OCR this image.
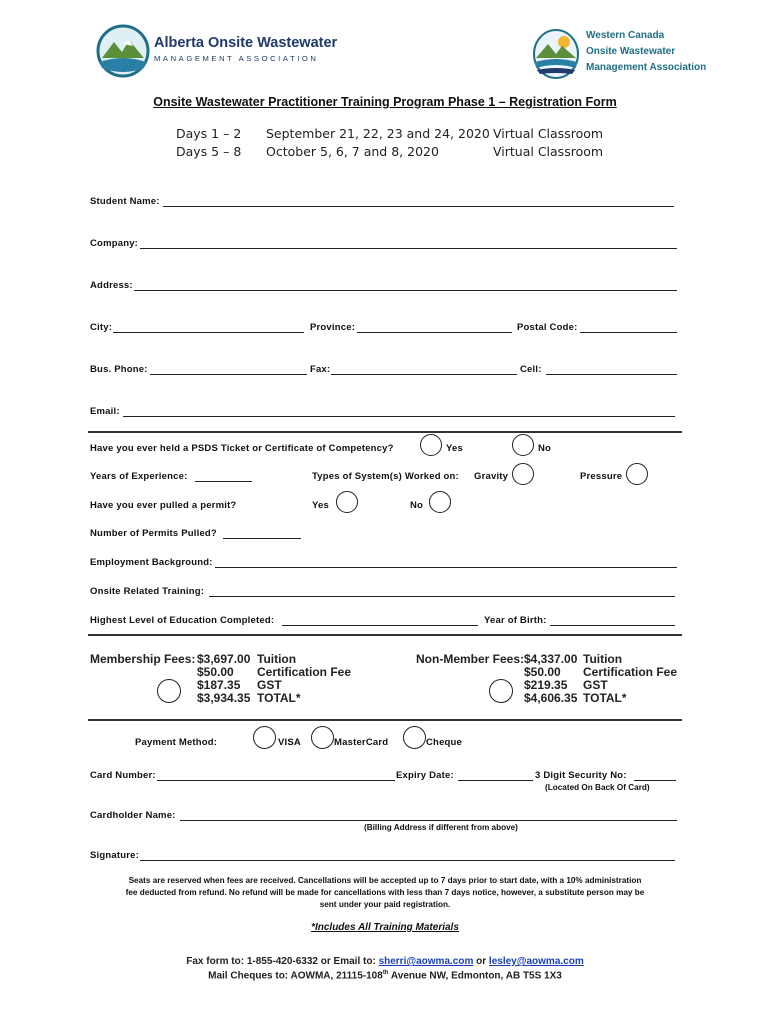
Alberta Onsite Wastewater
MANAGEMENT ASSOCIATION
Western Canada
Onsite Wastewater
Management Association
Onsite Wastewater Practitioner Training Program Phase 1 – Registration Form
Days 1 – 2 September 21, 22, 23 and 24, 2020 Virtual Classroom
Days 5 – 8 October 5, 6, 7 and 8, 2020	Virtual Classroom
Student Name:
Company:
Address:
City:	Province:	Postal Code:
Bus. Phone:	Fax:	Cell:
Email:
Have you ever held a PSDS Ticket or Certificate of Competency?	Yes	No
Years of Experience:	Types of System(s) Worked on: Gravity	Pressure
Have you ever pulled a permit?	Yes	No
Number of Permits Pulled?
Employment Background:
Onsite Related Training:
Highest Level of Education Completed:	Year of Birth:
Membership Fees: $3,697.00 Tuition
$50.00 Certification Fee
$187.35 GST
$3,934.35 TOTAL*
Non-Member Fees: $4,337.00 Tuition
$50.00 Certification Fee
$219.35 GST
$4,606.35 TOTAL*
Payment Method:	VISA	MasterCard	Cheque
Card Number:	Expiry Date:	3 Digit Security No:
(Located On Back Of Card)
Cardholder Name:
(Billing Address if different from above)
Signature:
Seats are reserved when fees are received. Cancellations will be accepted up to 7 days prior to start date, with a 10% administration
fee deducted from refund. No refund will be made for cancellations with less than 7 days notice, however, a substitute person may be
sent under your paid registration.
*Includes All Training Materials
Fax form to: 1-855-420-6332 or Email to: sherri@aowma.com or lesley@aowma.com
Mail Cheques to: AOWMA, 21115-108th Avenue NW, Edmonton, AB T5S 1X3
